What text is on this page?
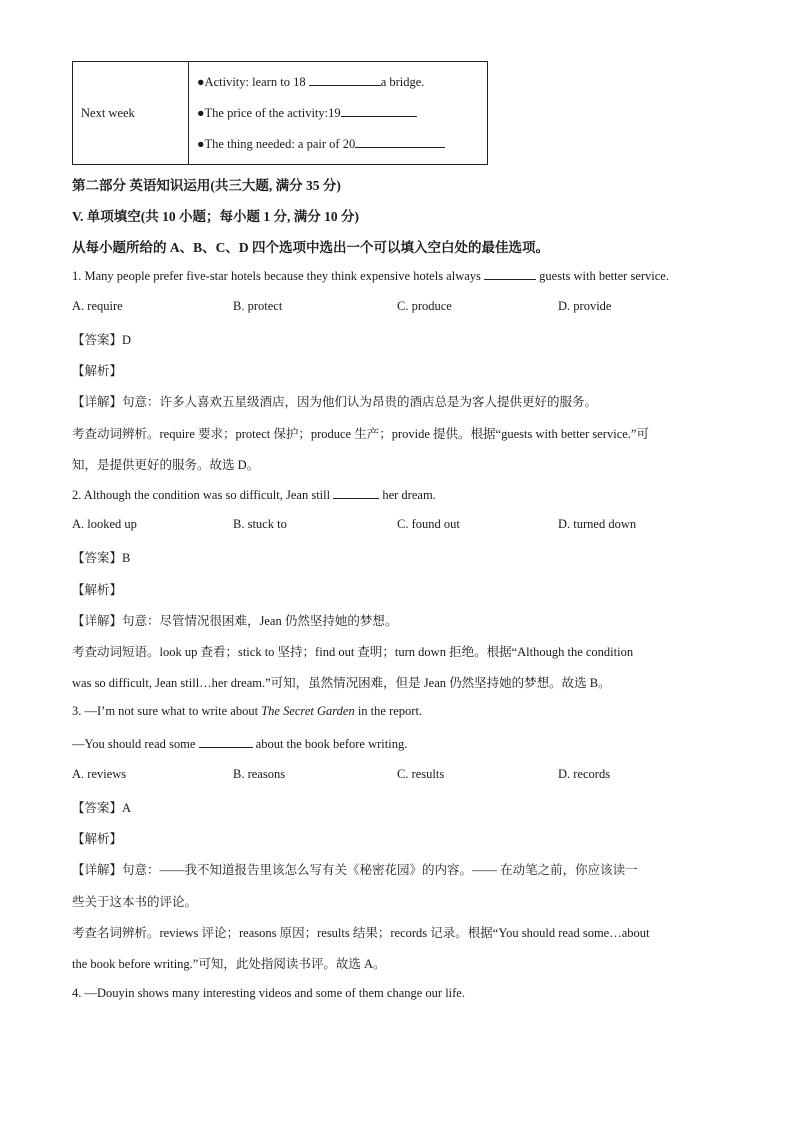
Next week	
●Activity: learn to 18	a bridge.
●The price of the activity:19
●The thing needed: a pair of 20
第二部分 英语知识运用(共三大题, 满分 35 分)
V. 单项填空(共 10 小题；每小题 1 分, 满分 10 分)
从每小题所给的 A、B、C、D 四个选项中选出一个可以填入空白处的最佳选项。
1. Many people prefer five-star hotels because they think expensive hotels always	guests with better service.
A. require	B. protect	C. produce	D. provide
【答案】D
【解析】
【详解】句意：许多人喜欢五星级酒店，因为他们认为昂贵的酒店总是为客人提供更好的服务。
考查动词辨析。require 要求；protect 保护；produce 生产；provide 提供。根据“guests with better service.”可
知，是提供更好的服务。故选 D。
2. Although the condition was so difficult, Jean still	her dream.
A. looked up	B. stuck to	C. found out	D. turned down
【答案】B
【解析】
【详解】句意：尽管情况很困难，Jean 仍然坚持她的梦想。
考查动词短语。look up 查看；stick to 坚持；find out 查明；turn down 拒绝。根据“Although the condition
was so difficult, Jean still…her dream.”可知，虽然情况困难，但是 Jean 仍然坚持她的梦想。故选 B。
3. —I’m not sure what to write about The Secret Garden in the report.
—You should read some	about the book before writing.
A. reviews	B. reasons	C. results	D. records
【答案】A
【解析】
【详解】句意：——我不知道报告里该怎么写有关《秘密花园》的内容。—— 在动笔之前，你应该读一
些关于这本书的评论。
考查名词辨析。reviews 评论；reasons 原因；results 结果；records 记录。根据“You should read some…about
the book before writing.”可知，此处指阅读书评。故选 A。
4. —Douyin shows many interesting videos and some of them change our life.
